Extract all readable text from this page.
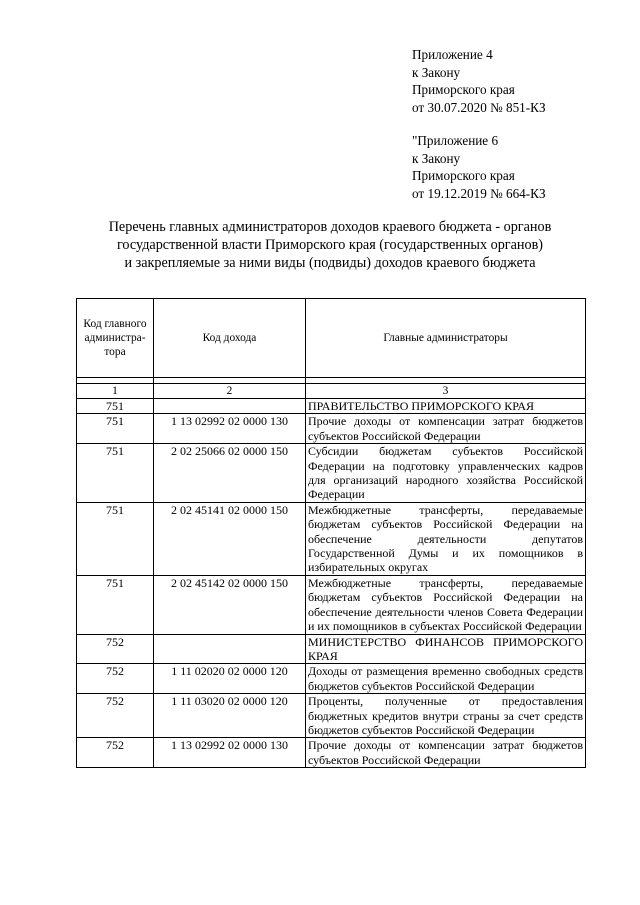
Приложение 4
к Закону
Приморского края
от 30.07.2020 № 851-КЗ
"Приложение 6
к Закону
Приморского края
от 19.12.2019 № 664-КЗ
Перечень главных администраторов доходов краевого бюджета - органов
государственной власти Приморского края (государственных органов)
и закрепляемые за ними виды (подвиды) доходов краевого бюджета
Код главного администра-тора	Код дохода	Главные администраторы

1	2	3
751		ПРАВИТЕЛЬСТВО ПРИМОРСКОГО КРАЯ
751	1 13 02992 02 0000 130	Прочие доходы от компенсации затрат бюджетов субъектов Российской Федерации
751	2 02 25066 02 0000 150	Субсидии бюджетам субъектов Российской Федерации на подготовку управленческих кадров для организаций народного хозяйства Российской Федерации
751	2 02 45141 02 0000 150	Межбюджетные трансферты, передаваемые бюджетам субъектов Российской Федерации на обеспечение деятельности депутатов Государственной Думы и их помощников в избирательных округах
751	2 02 45142 02 0000 150	Межбюджетные трансферты, передаваемые бюджетам субъектов Российской Федерации на обеспечение деятельности членов Совета Федерации и их помощников в субъектах Российской Федерации
752		МИНИСТЕРСТВО ФИНАНСОВ ПРИМОРСКОГО КРАЯ
752	1 11 02020 02 0000 120	Доходы от размещения временно свободных средств бюджетов субъектов Российской Федерации
752	1 11 03020 02 0000 120	Проценты, полученные от предоставления бюджетных кредитов внутри страны за счет средств бюджетов субъектов Российской Федерации
752	1 13 02992 02 0000 130	Прочие доходы от компенсации затрат бюджетов субъектов Российской Федерации
